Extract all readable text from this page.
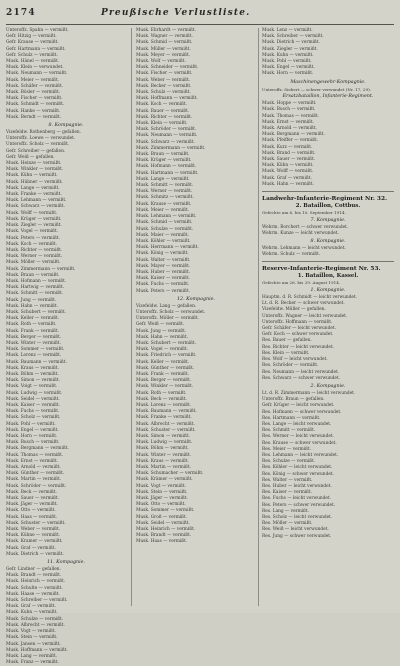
2174	Preußische Verlustliste.
Unteroffz. Spahn — vermißt.
Gefr. Hitzig — vermißt.
Gefr. Krause — vermißt.
Gefr. Hartmann — vermißt.
Gefr. Schulz — vermißt.
Musk. Hänel — vermißt.
Musk. Klein — verwundet.
Musk. Neumann — vermißt.
Musk. Meier — vermißt.
Musk. Schäfer — vermißt.
Musk. Bösler — vermißt.
Musk. Fischer — vermißt.
Musk. Schmidt — vermißt.
Musk. Hanke — vermißt.
Musk. Berndt — vermißt.
8. Kompagnie.
Vizefeldw. Rothenberg — gefallen.
Unteroffz. Loewe — verwundet.
Unteroffz. Scholz — vermißt.
Gefr. Schreiber — gefallen.
Gefr. Weiß — gefallen.
Musk. Heinze — vermißt.
Musk. Winkler — vermißt.
Musk. Kühn — vermißt.
Musk. Hübner — vermißt.
Musk. Lange — vermißt.
Musk. Franke — vermißt.
Musk. Lehmann — vermißt.
Musk. Schwarz — vermißt.
Musk. Wolff — vermißt.
Musk. Krüger — vermißt.
Musk. Ziegler — vermißt.
Musk. Vogel — vermißt.
Musk. Peters — vermißt.
Musk. Koch — vermißt.
Musk. Richter — vermißt.
Musk. Werner — vermißt.
Musk. Möller — vermißt.
Musk. Zimmermann — vermißt.
Musk. Braun — vermißt.
Musk. Hofmann — vermißt.
Musk. Hartwig — vermißt.
Musk. Schmitt — vermißt.
Musk. Jung — vermißt.
Musk. Hahn — vermißt.
Musk. Schubert — vermißt.
Musk. Keller — vermißt.
Musk. Roth — vermißt.
Musk. Frank — vermißt.
Musk. Berger — vermißt.
Musk. Winter — vermißt.
Musk. Sommer — vermißt.
Musk. Lorenz — vermißt.
Musk. Baumann — vermißt.
Musk. Kraus — vermißt.
Musk. Böhm — vermißt.
Musk. Simon — vermißt.
Musk. Voigt — vermißt.
Musk. Ludwig — vermißt.
Musk. Seidel — vermißt.
Musk. Kaiser — vermißt.
Musk. Fuchs — vermißt.
Musk. Scholz — vermißt.
Musk. Pohl — vermißt.
Musk. Engel — vermißt.
Musk. Horn — vermißt.
Musk. Busch — vermißt.
Musk. Bergmann — vermißt.
Musk. Thomas — vermißt.
Musk. Ernst — vermißt.
Musk. Arnold — vermißt.
Musk. Günther — vermißt.
Musk. Martin — vermißt.
Musk. Schröder — vermißt.
Musk. Beck — vermißt.
Musk. Sauer — vermißt.
Musk. Jäger — vermißt.
Musk. Otto — vermißt.
Musk. Haas — vermißt.
Musk. Schuster — vermißt.
Musk. Weber — vermißt.
Musk. Kühne — vermißt.
Musk. Kramer — vermißt.
Musk. Graf — vermißt.
Musk. Dietrich — vermißt.
11. Kompagnie.
Gefr. Lindner — gefallen.
Musk. Brandt — vermißt.
Musk. Heinrich — vermißt.
Musk. Schulte — vermißt.
Musk. Haase — vermißt.
Musk. Schreiber — vermißt.
Musk. Graf — vermißt.
Musk. Kuhn — vermißt.
Musk. Schulze — vermißt.
Musk. Albrecht — vermißt.
Musk. Vogt — vermißt.
Musk. Stein — vermißt.
Musk. Jansen — vermißt.
Musk. Hoffmann — vermißt.
Musk. Lang — vermißt.
Musk. Franz — vermißt.
Musk. Ehrhardt — vermißt.
Musk. Wagner — vermißt.
Musk. Schmid — vermißt.
Musk. Müller — vermißt.
Musk. Meyer — vermißt.
Musk. Wolf — vermißt.
Musk. Schneider — vermißt.
Musk. Fischer — vermißt.
Musk. Weber — vermißt.
Musk. Becker — vermißt.
Musk. Schulz — vermißt.
Musk. Hoffmann — vermißt.
Musk. Koch — vermißt.
Musk. Bauer — vermißt.
Musk. Richter — vermißt.
Musk. Klein — vermißt.
Musk. Schröder — vermißt.
Musk. Neumann — vermißt.
Musk. Schwarz — vermißt.
Musk. Zimmermann — vermißt.
Musk. Braun — vermißt.
Musk. Krüger — vermißt.
Musk. Hofmann — vermißt.
Musk. Hartmann — vermißt.
Musk. Lange — vermißt.
Musk. Schmitt — vermißt.
Musk. Werner — vermißt.
Musk. Schmitz — vermißt.
Musk. Krause — vermißt.
Musk. Meier — vermißt.
Musk. Lehmann — vermißt.
Musk. Schmid — vermißt.
Musk. Schulze — vermißt.
Musk. Maier — vermißt.
Musk. Köhler — vermißt.
Musk. Herrmann — vermißt.
Musk. König — vermißt.
Musk. Walter — vermißt.
Musk. Mayer — vermißt.
Musk. Huber — vermißt.
Musk. Kaiser — vermißt.
Musk. Fuchs — vermißt.
Musk. Peters — vermißt.
12. Kompagnie.
Vizefeldw. Lang — gefallen.
Unteroffz. Scholz — verwundet.
Unteroffz. Möller — vermißt.
Gefr. Weiß — vermißt.
Musk. Jung — vermißt.
Musk. Hahn — vermißt.
Musk. Schubert — vermißt.
Musk. Vogel — vermißt.
Musk. Friedrich — vermißt.
Musk. Keller — vermißt.
Musk. Günther — vermißt.
Musk. Frank — vermißt.
Musk. Berger — vermißt.
Musk. Winkler — vermißt.
Musk. Roth — vermißt.
Musk. Beck — vermißt.
Musk. Lorenz — vermißt.
Musk. Baumann — vermißt.
Musk. Franke — vermißt.
Musk. Albrecht — vermißt.
Musk. Schuster — vermißt.
Musk. Simon — vermißt.
Musk. Ludwig — vermißt.
Musk. Böhm — vermißt.
Musk. Winter — vermißt.
Musk. Kraus — vermißt.
Musk. Martin — vermißt.
Musk. Schumacher — vermißt.
Musk. Krämer — vermißt.
Musk. Vogt — vermißt.
Musk. Stein — vermißt.
Musk. Jäger — vermißt.
Musk. Otto — vermißt.
Musk. Sommer — vermißt.
Musk. Groß — vermißt.
Musk. Seidel — vermißt.
Musk. Heinrich — vermißt.
Musk. Brandt — vermißt.
Musk. Haas — vermißt.
Musk. Lenz — vermißt.
Musk. Schreiber — vermißt.
Musk. Dietrich — vermißt.
Musk. Ziegler — vermißt.
Musk. Kuhn — vermißt.
Musk. Pohl — vermißt.
Musk. Engel — vermißt.
Musk. Horn — vermißt.
Maschinengewehr-Kompagnie.
Unteroffz. Siebert — schwer verwundet (Nr. 17, 29).
Ersatzbataillon, Infanterie-Regiment.
Musk. Hoppe — vermißt.
Musk. Busch — vermißt.
Musk. Thomas — vermißt.
Musk. Ernst — vermißt.
Musk. Arnold — vermißt.
Musk. Bergmann — vermißt.
Musk. Pfeiffer — vermißt.
Musk. Kurz — vermißt.
Musk. Brand — vermißt.
Musk. Sauer — vermißt.
Musk. Kühn — vermißt.
Musk. Wolff — vermißt.
Musk. Graf — vermißt.
Musk. Hahn — vermißt.
Landwehr-Infanterie-Regiment Nr. 32.
2. Bataillon, Cottbus.
Gefechte am 6. bis 10. September 1914.
7. Kompagnie.
Wehrm. Borchert — schwer verwundet.
Wehrm. Kunze — leicht verwundet.
8. Kompagnie.
Wehrm. Lehmann — leicht verwundet.
Wehrm. Schulz — vermißt.
Reserve-Infanterie-Regiment Nr. 53.
1. Bataillon, Kassel.
Gefechte am 26. bis 29. August 1914.
1. Kompagnie.
Hauptm. d. R. Schmidt — leicht verwundet.
Lt. d. R. Becker — schwer verwundet.
Vizefeldw. Müller — gefallen.
Unteroffz. Wagner — leicht verwundet.
Unteroffz. Hoffmann — vermißt.
Gefr. Schäfer — leicht verwundet.
Gefr. Koch — schwer verwundet.
Res. Bauer — gefallen.
Res. Richter — leicht verwundet.
Res. Klein — vermißt.
Res. Wolf — leicht verwundet.
Res. Schröder — vermißt.
Res. Neumann — leicht verwundet.
Res. Schwarz — schwer verwundet.
2. Kompagnie.
Lt. d. R. Zimmermann — leicht verwundet.
Unteroffz. Braun — gefallen.
Gefr. Krüger — leicht verwundet.
Res. Hofmann — schwer verwundet.
Res. Hartmann — vermißt.
Res. Lange — leicht verwundet.
Res. Schmitt — vermißt.
Res. Werner — leicht verwundet.
Res. Krause — schwer verwundet.
Res. Meier — vermißt.
Res. Lehmann — leicht verwundet.
Res. Schulze — vermißt.
Res. Köhler — leicht verwundet.
Res. König — schwer verwundet.
Res. Walter — vermißt.
Res. Huber — leicht verwundet.
Res. Kaiser — vermißt.
Res. Fuchs — leicht verwundet.
Res. Peters — schwer verwundet.
Res. Lang — vermißt.
Res. Scholz — leicht verwundet.
Res. Möller — vermißt.
Res. Weiß — leicht verwundet.
Res. Jung — schwer verwundet.
